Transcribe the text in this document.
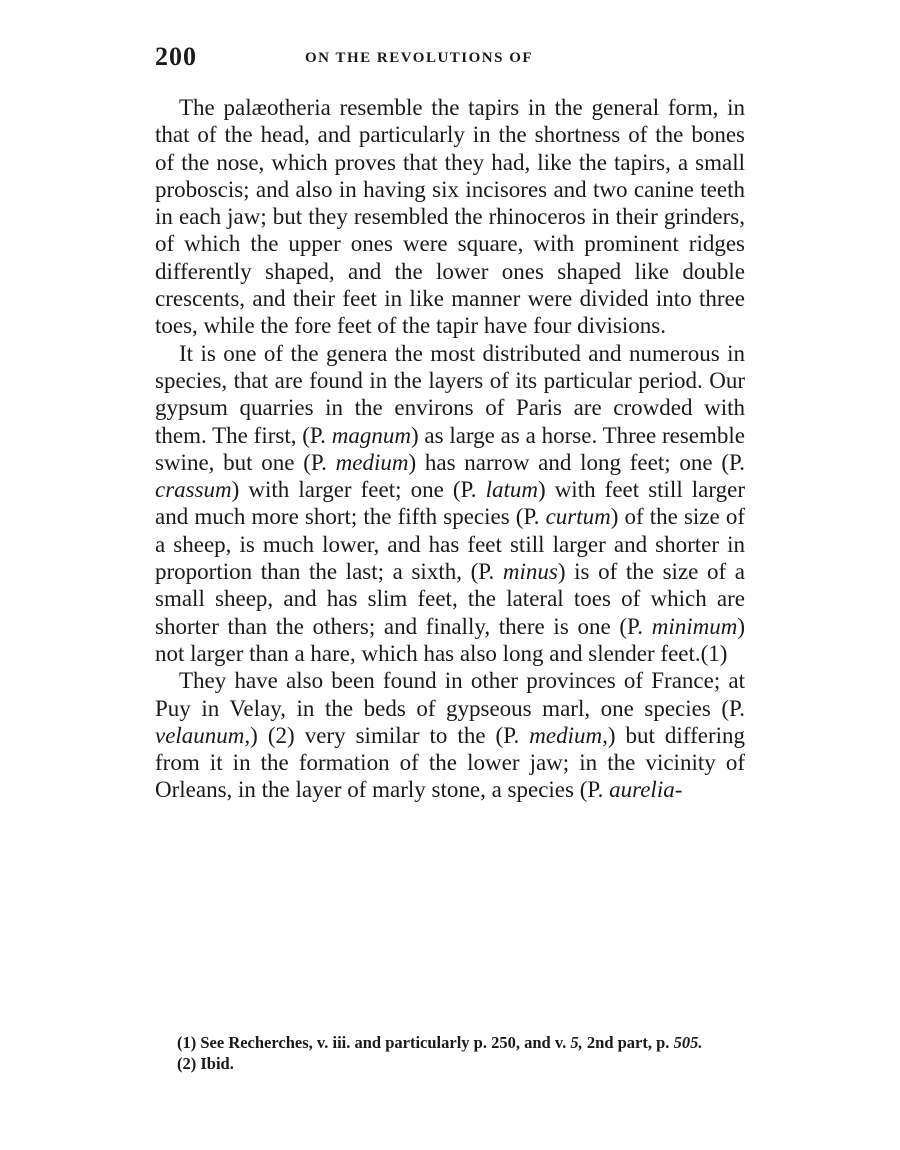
200	ON THE REVOLUTIONS OF

The palæotheria resemble the tapirs in the general form, in that of the head, and particularly in the shortness of the bones of the nose, which proves that they had, like the tapirs, a small proboscis; and also in having six incisores and two canine teeth in each jaw; but they resembled the rhinoceros in their grinders, of which the upper ones were square, with prominent ridges differently shaped, and the lower ones shaped like double crescents, and their feet in like manner were divided into three toes, while the fore feet of the tapir have four divisions.

It is one of the genera the most distributed and numerous in species, that are found in the layers of its particular period. Our gypsum quarries in the environs of Paris are crowded with them. The first, (P. magnum) as large as a horse. Three resemble swine, but one (P. medium) has narrow and long feet; one (P. crassum) with larger feet; one (P. latum) with feet still larger and much more short; the fifth species (P. curtum) of the size of a sheep, is much lower, and has feet still larger and shorter in proportion than the last; a sixth, (P. minus) is of the size of a small sheep, and has slim feet, the lateral toes of which are shorter than the others; and finally, there is one (P. minimum) not larger than a hare, which has also long and slender feet.(1)

They have also been found in other provinces of France; at Puy in Velay, in the beds of gypseous marl, one species (P. velaunum,) (2) very similar to the (P. medium,) but differing from it in the formation of the lower jaw; in the vicinity of Orleans, in the layer of marly stone, a species (P. aurelia-

(1) See Recherches, v. iii. and particularly p. 250, and v. 5, 2nd part, p. 505.

(2) Ibid.
